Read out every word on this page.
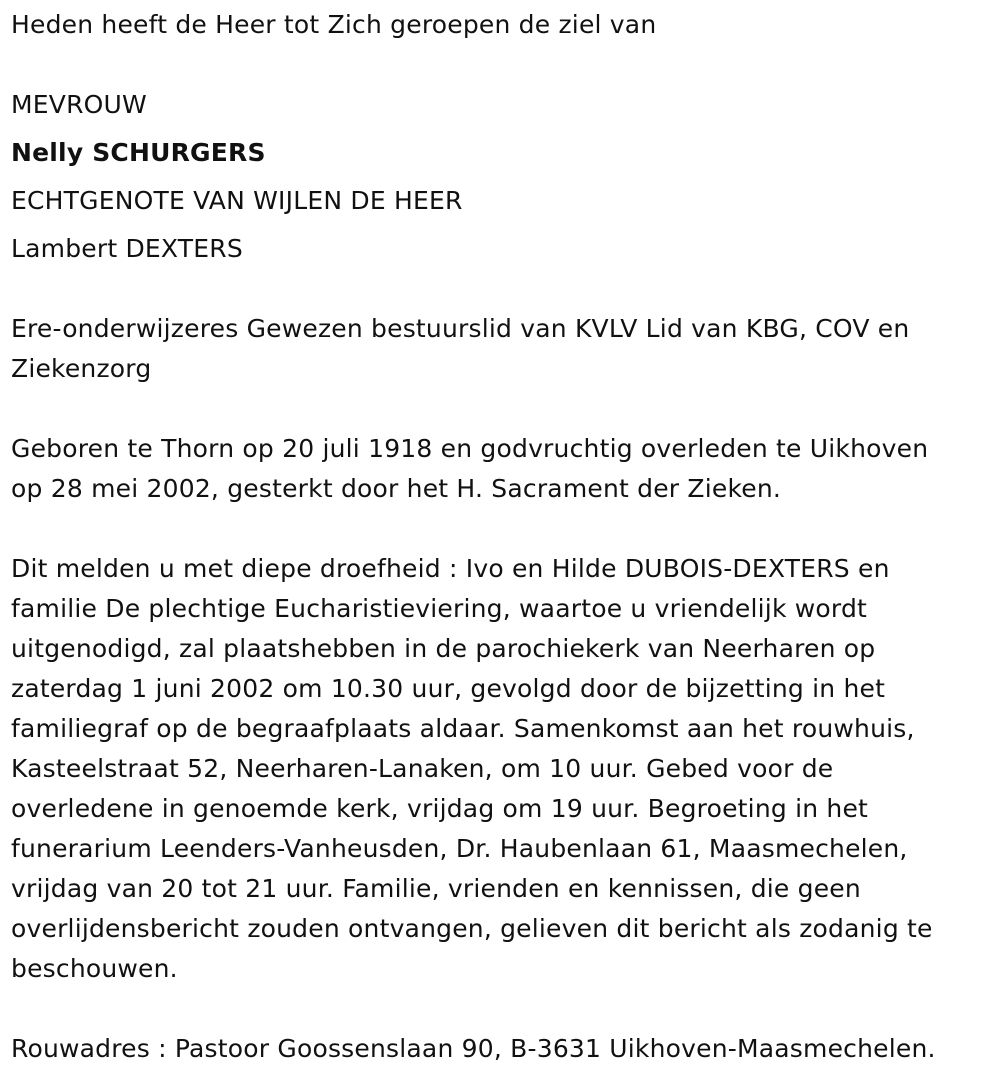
Heden heeft de Heer tot Zich geroepen de ziel van
MEVROUW
Nelly SCHURGERS
ECHTGENOTE VAN WIJLEN DE HEER
Lambert DEXTERS
Ere-onderwijzeres Gewezen bestuurslid van KVLV Lid van KBG, COV en
Ziekenzorg
Geboren te Thorn op 20 juli 1918 en godvruchtig overleden te Uikhoven
op 28 mei 2002, gesterkt door het H. Sacrament der Zieken.
Dit melden u met diepe droefheid : Ivo en Hilde DUBOIS-DEXTERS en
familie De plechtige Eucharistieviering, waartoe u vriendelijk wordt
uitgenodigd, zal plaatshebben in de parochiekerk van Neerharen op
zaterdag 1 juni 2002 om 10.30 uur, gevolgd door de bijzetting in het
familiegraf op de begraafplaats aldaar. Samenkomst aan het rouwhuis,
Kasteelstraat 52, Neerharen-Lanaken, om 10 uur. Gebed voor de
overledene in genoemde kerk, vrijdag om 19 uur. Begroeting in het
funerarium Leenders-Vanheusden, Dr. Haubenlaan 61, Maasmechelen,
vrijdag van 20 tot 21 uur. Familie, vrienden en kennissen, die geen
overlijdensbericht zouden ontvangen, gelieven dit bericht als zodanig te
beschouwen.
Rouwadres : Pastoor Goossenslaan 90, B-3631 Uikhoven-Maasmechelen.
